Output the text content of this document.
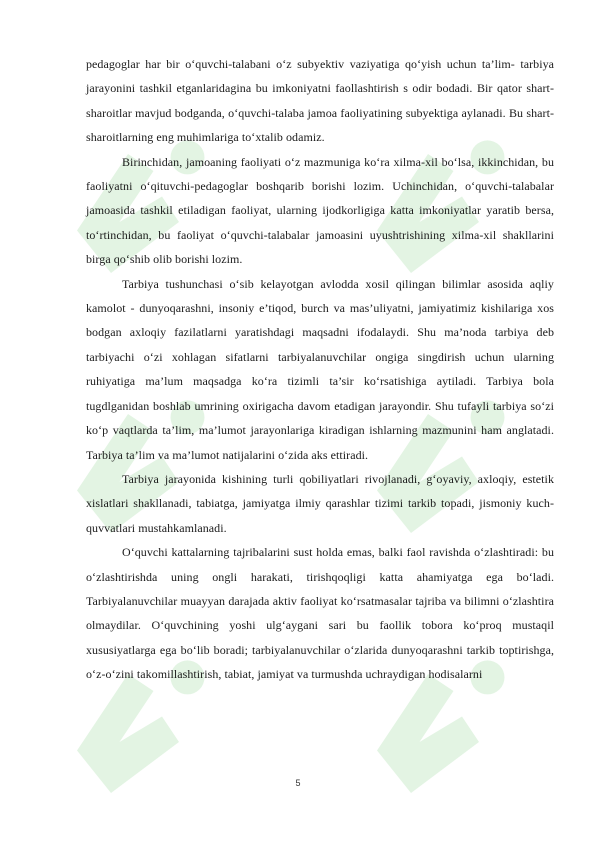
pedagoglar har bir o‘quvchi-talabani o‘z subyektiv vaziyatiga qo‘yish uchun ta’lim- tarbiya jarayonini tashkil etganlaridagina bu imkoniyatni faollashtirish s odir bodadi. Bir qator shart-sharoitlar mavjud bodganda, o‘quvchi-talaba jamoa faoliyatining subyektiga aylanadi. Bu shart-sharoitlarning eng muhimlariga to‘xtalib odamiz.

Birinchidan, jamoaning faoliyati o‘z mazmuniga ko‘ra xilma-xil bo‘lsa, ikkinchidan, bu faoliyatni o‘qituvchi-pedagoglar boshqarib borishi lozim. Uchinchidan, o‘quvchi-talabalar jamoasida tashkil etiladigan faoliyat, ularning ijodkorligiga katta imkoniyatlar yaratib bersa, to‘rtinchidan, bu faoliyat o‘quvchi-talabalar jamoasini uyushtrishining xilma-xil shakllarini birga qo‘shib olib borishi lozim.

Tarbiya tushunchasi o‘sib kelayotgan avlodda xosil qilingan bilimlar asosida aqliy kamolot - dunyoqarashni, insoniy e’tiqod, burch va mas’uliyatni, jamiyatimiz kishilariga xos bodgan axloqiy fazilatlarni yaratishdagi maqsadni ifodalaydi. Shu ma’noda tarbiya deb tarbiyachi o‘zi xohlagan sifatlarni tarbiyalanuvchilar ongiga singdirish uchun ularning ruhiyatiga ma’lum maqsadga ko‘ra tizimli ta’sir ko‘rsatishiga aytiladi. Tarbiya bola tugdlganidan boshlab umrining oxirigacha davom etadigan jarayondir. Shu tufayli tarbiya so‘zi ko‘p vaqtlarda ta’lim, ma’lumot jarayonlariga kiradigan ishlarning mazmunini ham anglatadi. Tarbiya ta’lim va ma’lumot natijalarini o‘zida aks ettiradi.

Tarbiya jarayonida kishining turli qobiliyatlari rivojlanadi, g‘oyaviy, axloqiy, estetik xislatlari shakllanadi, tabiatga, jamiyatga ilmiy qarashlar tizimi tarkib topadi, jismoniy kuch-quvvatlari mustahkamlanadi.

O‘quvchi kattalarning tajribalarini sust holda emas, balki faol ravishda o‘zlashtiradi: bu o‘zlashtirishda uning ongli harakati, tirishqoqligi katta ahamiyatga ega bo‘ladi. Tarbiyalanuvchilar muayyan darajada aktiv faoliyat ko‘rsatmasalar tajriba va bilimni o‘zlashtira olmaydilar. O‘quvchining yoshi ulg‘aygani sari bu faollik tobora ko‘proq mustaqil xususiyatlarga ega bo‘lib boradi; tarbiyalanuvchilar o‘zlarida dunyoqarashni tarkib toptirishga, o‘z-o‘zini takomillashtirish, tabiat, jamiyat va turmushda uchraydigan hodisalarni

5
